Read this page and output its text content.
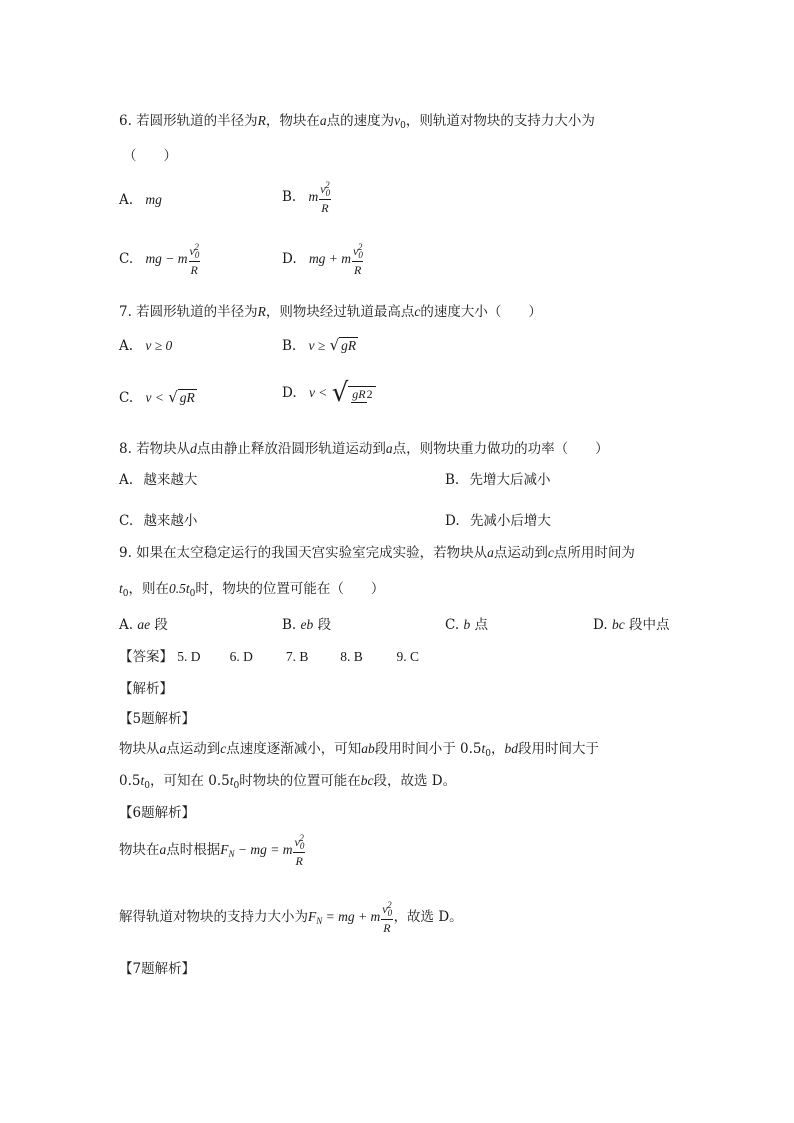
6. 若圆形轨道的半径为R，物块在a点的速度为$v_0$，则轨道对物块的支持力大小为
（　　）
A. mg	B. m $\frac{v_0^2}{R}$
C. mg − m $\frac{v_0^2}{R}$	D. mg + m $\frac{v_0^2}{R}$
7. 若圆形轨道的半径为R，则物块经过轨道最高点c的速度大小（　　）
A. v ≥ 0	B. v ≥ √ gR
C. v < √ gR	D. v < √ gR2
8. 若物块从d点由静止释放沿圆形轨道运动到a点，则物块重力做功的功率（　　）
A. 越来越大	B. 先增大后减小
C. 越来越小	D. 先减小后增大
9. 如果在太空稳定运行的我国天宫实验室完成实验，若物块从a点运动到c点所用时间为
$t_0$，则在$0.5t_0$时，物块的位置可能在（　　）
A. ae 段	B. eb 段	C. b 点	D. bc 段中点
【答案】 5. D 6. D 7. B 8. B	9. C
【解析】
【5题解析】
物块从a点运动到c点速度逐渐减小，可知ab段用时间小于 $0.5t_0$，bd段用时间大于
$0.5t_0$，可知在 $0.5t_0$时物块的位置可能在bc段，故选 D。
【6题解析】
物块在a点时根据$F_N$ − mg = m $\frac{v_0^2}{R}$
解得轨道对物块的支持力大小为$F_N$ = mg + m $\frac{v_0^2}{R}$ ，故选 D。
【7题解析】
